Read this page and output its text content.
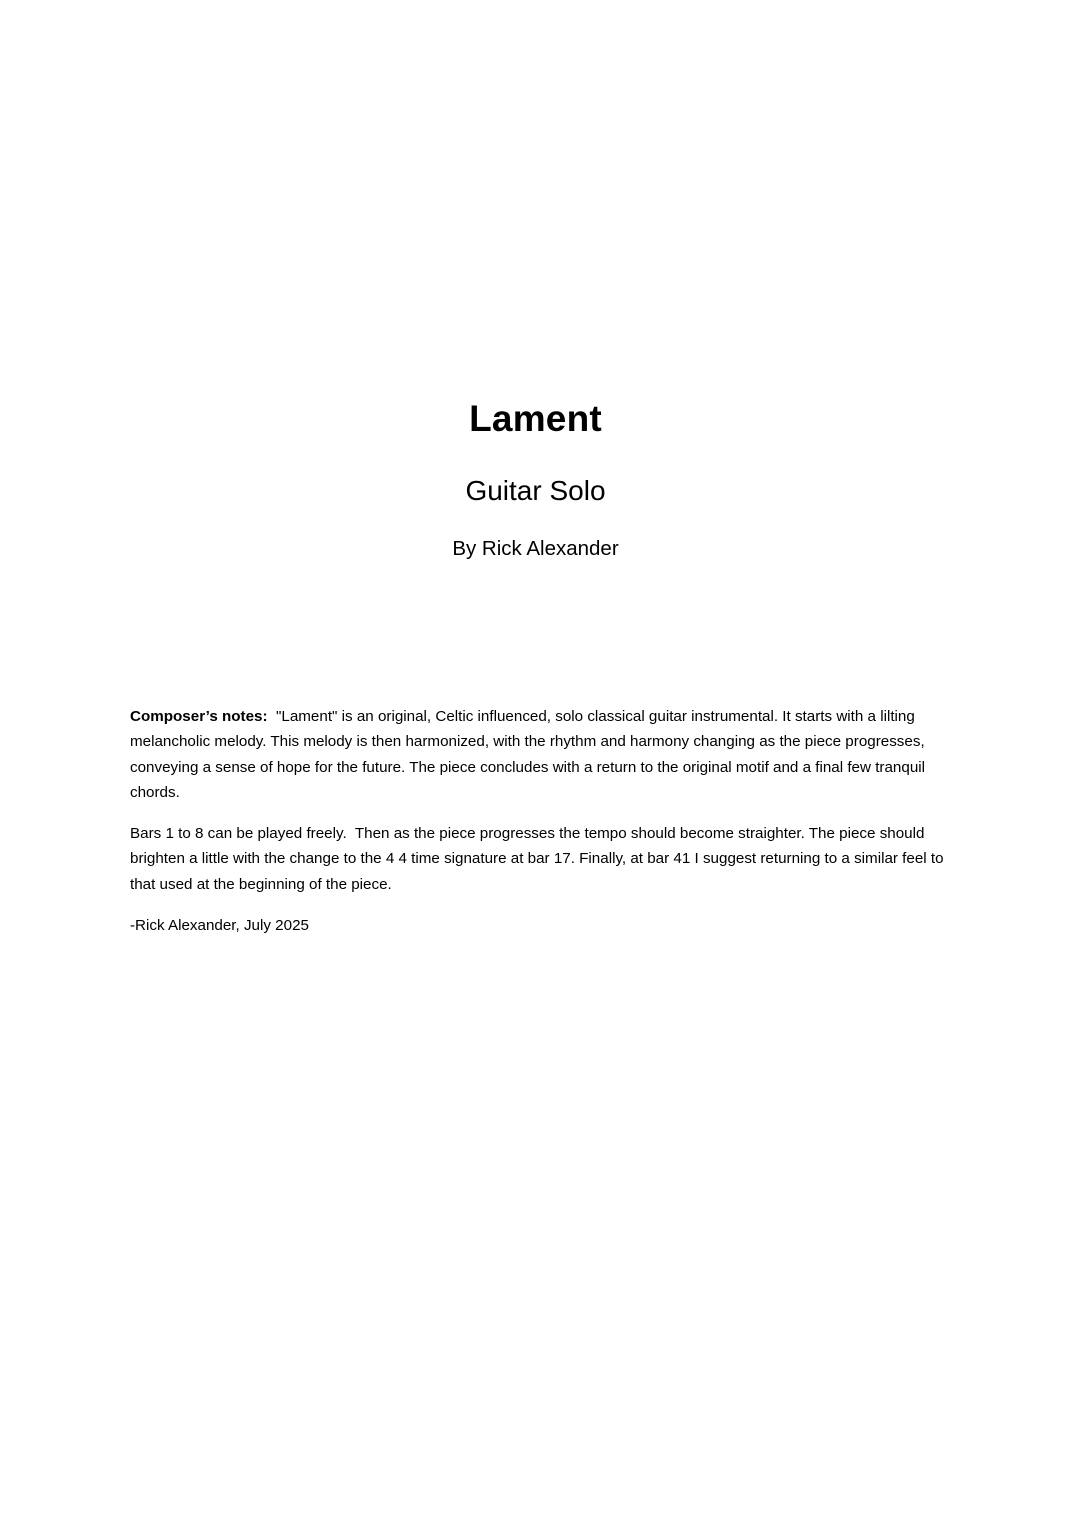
Lament
Guitar Solo
By Rick Alexander

Composer’s notes:  "Lament" is an original, Celtic influenced, solo classical guitar instrumental. It starts with a lilting melancholic melody. This melody is then harmonized, with the rhythm and harmony changing as the piece progresses, conveying a sense of hope for the future. The piece concludes with a return to the original motif and a final few tranquil chords.

Bars 1 to 8 can be played freely.  Then as the piece progresses the tempo should become straighter. The piece should brighten a little with the change to the 4 4 time signature at bar 17. Finally, at bar 41 I suggest returning to a similar feel to that used at the beginning of the piece.

-Rick Alexander, July 2025
